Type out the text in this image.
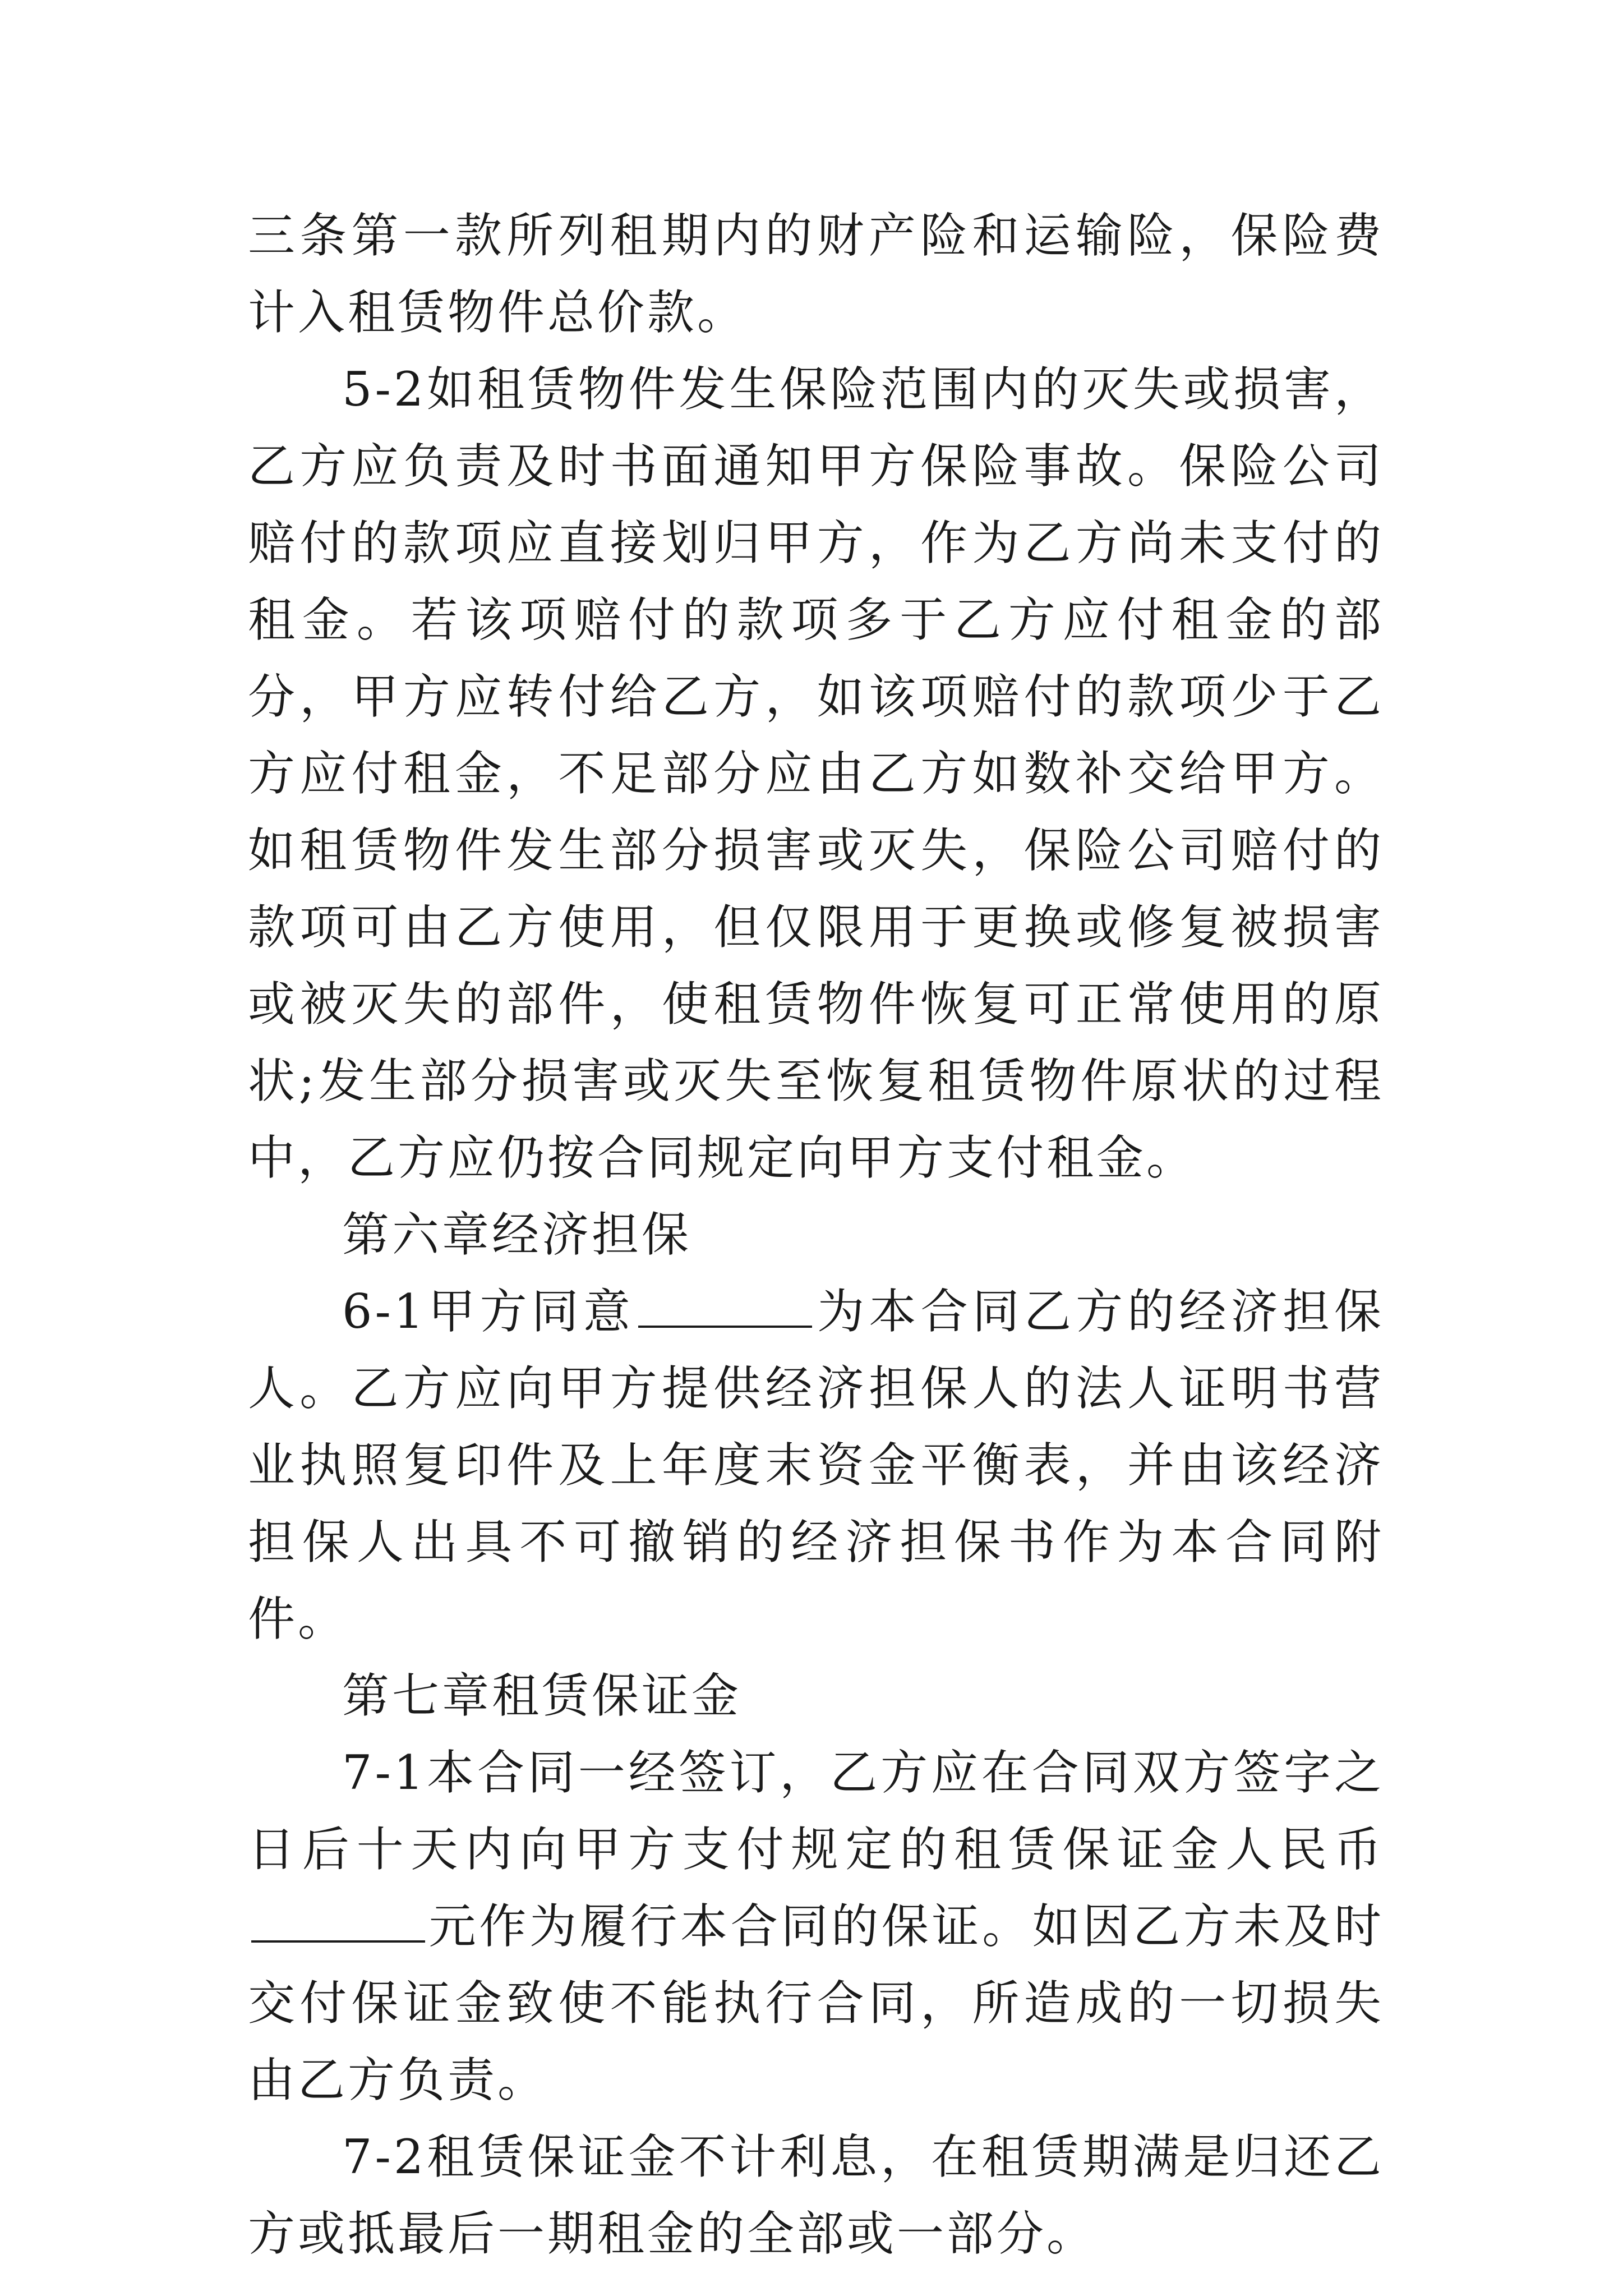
三条第一款所列租期内的财产险和运输险，保险费计入租赁物件总价款。

5-2如租赁物件发生保险范围内的灭失或损害，乙方应负责及时书面通知甲方保险事故。保险公司赔付的款项应直接划归甲方，作为乙方尚未支付的租金。若该项赔付的款项多于乙方应付租金的部分，甲方应转付给乙方，如该项赔付的款项少于乙方应付租金，不足部分应由乙方如数补交给甲方。如租赁物件发生部分损害或灭失，保险公司赔付的款项可由乙方使用，但仅限用于更换或修复被损害或被灭失的部件，使租赁物件恢复可正常使用的原状;发生部分损害或灭失至恢复租赁物件原状的过程中，乙方应仍按合同规定向甲方支付租金。

第六章经济担保

6-1甲方同意	为本合同乙方的经济担保人。乙方应向甲方提供经济担保人的法人证明书营业执照复印件及上年度末资金平衡表，并由该经济担保人出具不可撤销的经济担保书作为本合同附件。

第七章租赁保证金

7-1本合同一经签订，乙方应在合同双方签字之日后十天内向甲方支付规定的租赁保证金人民币元作为履行本合同的保证。如因乙方未及时交付保证金致使不能执行合同，所造成的一切损失由乙方负责。

7-2租赁保证金不计利息，在租赁期满是归还乙方或抵最后一期租金的全部或一部分。
